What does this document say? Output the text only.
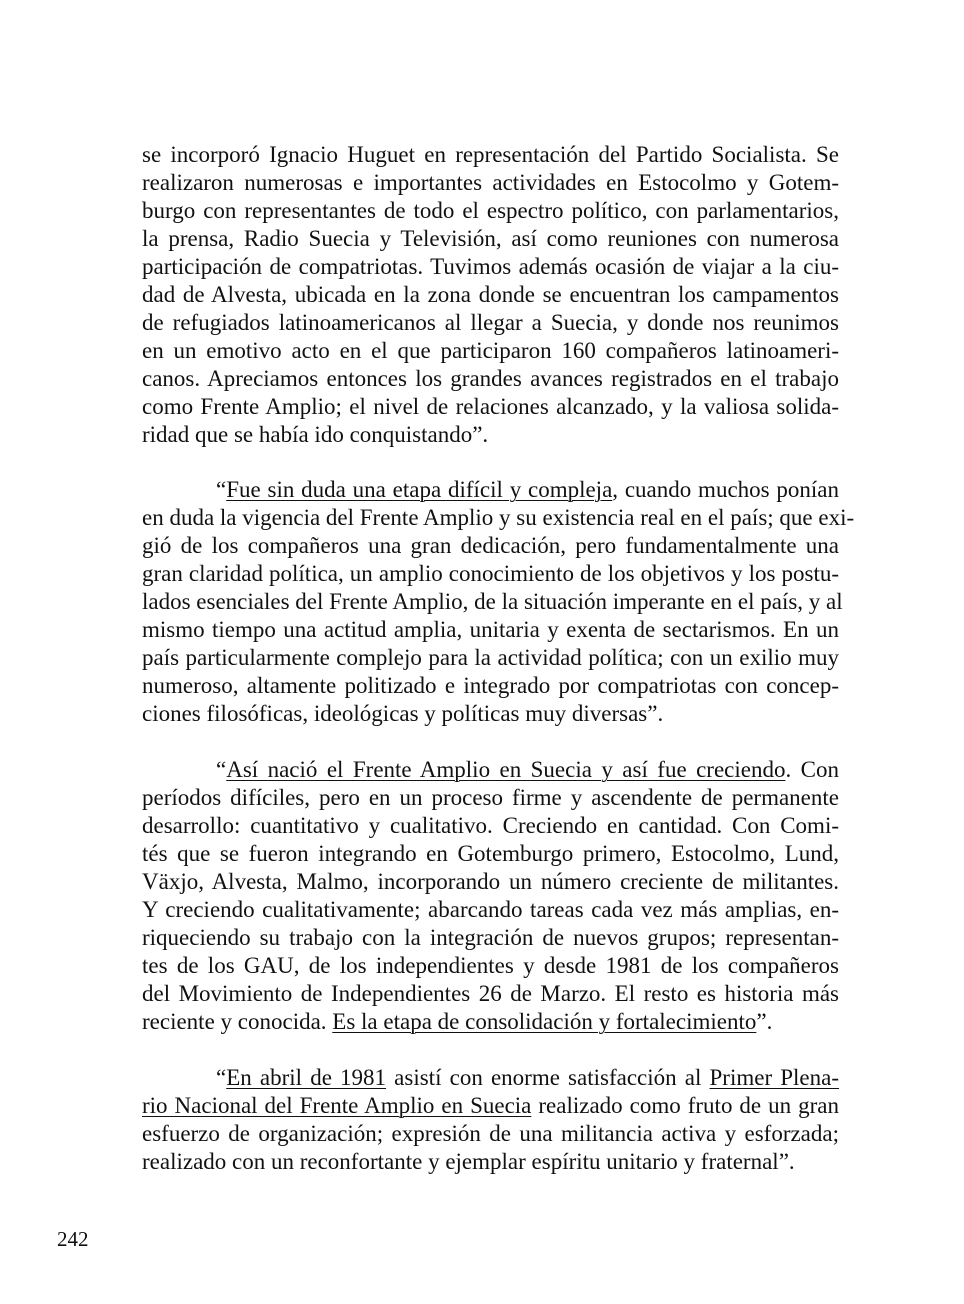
se incorporó Ignacio Huguet en representación del Partido Socialista. Se
realizaron numerosas e importantes actividades en Estocolmo y Gotem-
burgo con representantes de todo el espectro político, con parlamentarios,
la prensa, Radio Suecia y Televisión, así como reuniones con numerosa
participación de compatriotas. Tuvimos además ocasión de viajar a la ciu-
dad de Alvesta, ubicada en la zona donde se encuentran los campamentos
de refugiados latinoamericanos al llegar a Suecia, y donde nos reunimos
en un emotivo acto en el que participaron 160 compañeros latinoameri-
canos. Apreciamos entonces los grandes avances registrados en el trabajo
como Frente Amplio; el nivel de relaciones alcanzado, y la valiosa solida-
ridad que se había ido conquistando”.
“Fue sin duda una etapa difícil y compleja, cuando muchos ponían
en duda la vigencia del Frente Amplio y su existencia real en el país; que exi-
gió de los compañeros una gran dedicación, pero fundamentalmente una
gran claridad política, un amplio conocimiento de los objetivos y los postu-
lados esenciales del Frente Amplio, de la situación imperante en el país, y al
mismo tiempo una actitud amplia, unitaria y exenta de sectarismos. En un
país particularmente complejo para la actividad política; con un exilio muy
numeroso, altamente politizado e integrado por compatriotas con concep-
ciones filosóficas, ideológicas y políticas muy diversas”.
“Así nació el Frente Amplio en Suecia y así fue creciendo. Con
períodos difíciles, pero en un proceso firme y ascendente de permanente
desarrollo: cuantitativo y cualitativo. Creciendo en cantidad. Con Comi-
tés que se fueron integrando en Gotemburgo primero, Estocolmo, Lund,
Växjo, Alvesta, Malmo, incorporando un número creciente de militantes.
Y creciendo cualitativamente; abarcando tareas cada vez más amplias, en-
riqueciendo su trabajo con la integración de nuevos grupos; representan-
tes de los GAU, de los independientes y desde 1981 de los compañeros
del Movimiento de Independientes 26 de Marzo. El resto es historia más
reciente y conocida. Es la etapa de consolidación y fortalecimiento”.
“En abril de 1981 asistí con enorme satisfacción al Primer Plena-
rio Nacional del Frente Amplio en Suecia realizado como fruto de un gran
esfuerzo de organización; expresión de una militancia activa y esforzada;
realizado con un reconfortante y ejemplar espíritu unitario y fraternal”.
242
